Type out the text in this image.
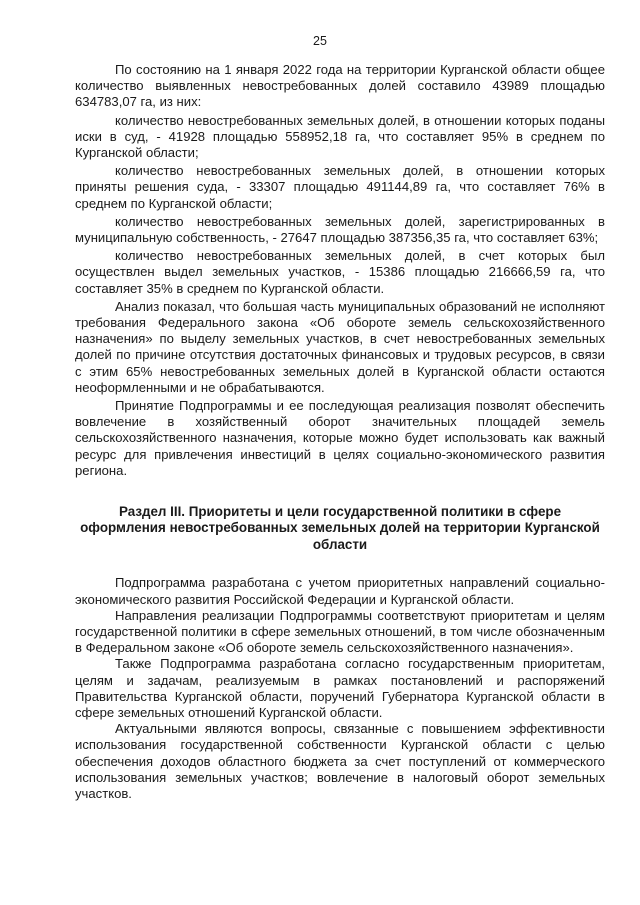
25

По состоянию на 1 января 2022 года на территории Курганской области общее количество выявленных невостребованных долей составило 43989 площадью 634783,07 га, из них:

количество невостребованных земельных долей, в отношении которых поданы иски в суд, - 41928 площадью 558952,18 га, что составляет 95% в среднем по Курганской области;

количество невостребованных земельных долей, в отношении которых приняты решения суда, - 33307 площадью 491144,89 га, что составляет 76% в среднем по Курганской области;

количество невостребованных земельных долей, зарегистрированных в муниципальную собственность, - 27647 площадью 387356,35 га, что составляет 63%;

количество невостребованных земельных долей, в счет которых был осуществлен выдел земельных участков, - 15386 площадью 216666,59 га, что составляет 35% в среднем по Курганской области.

Анализ показал, что большая часть муниципальных образований не исполняют требования Федерального закона «Об обороте земель сельскохозяйственного назначения» по выделу земельных участков, в счет невостребованных земельных долей по причине отсутствия достаточных финансовых и трудовых ресурсов, в связи с этим 65% невостребованных земельных долей в Курганской области остаются неоформленными и не обрабатываются.

Принятие Подпрограммы и ее последующая реализация позволят обеспечить вовлечение в хозяйственный оборот значительных площадей земель сельскохозяйственного назначения, которые можно будет использовать как важный ресурс для привлечения инвестиций в целях социально-экономического развития региона.

Раздел III. Приоритеты и цели государственной политики в сфере оформления невостребованных земельных долей на территории Курганской области

Подпрограмма разработана с учетом приоритетных направлений социально-экономического развития Российской Федерации и Курганской области.

Направления реализации Подпрограммы соответствуют приоритетам и целям государственной политики в сфере земельных отношений, в том числе обозначенным в Федеральном законе «Об обороте земель сельскохозяйственного назначения».

Также Подпрограмма разработана согласно государственным приоритетам, целям и задачам, реализуемым в рамках постановлений и распоряжений Правительства Курганской области, поручений Губернатора Курганской области в сфере земельных отношений Курганской области.

Актуальными являются вопросы, связанные с повышением эффективности использования государственной собственности Курганской области с целью обеспечения доходов областного бюджета за счет поступлений от коммерческого использования земельных участков; вовлечение в налоговый оборот земельных участков.
